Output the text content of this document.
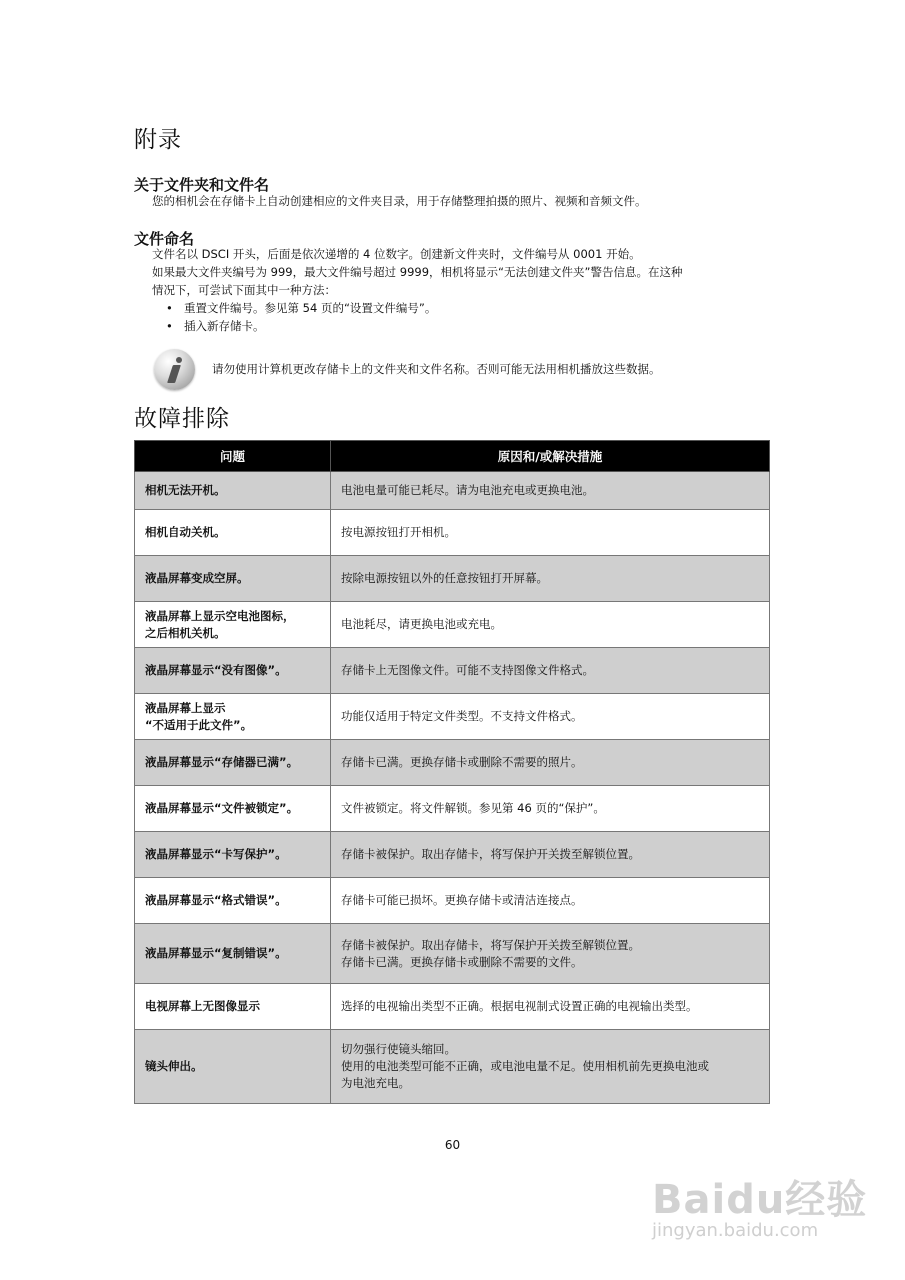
附录
关于文件夹和文件名

您的相机会在存储卡上自动创建相应的文件夹目录，用于存储整理拍摄的照片、视频和音频文件。

文件命名

文件名以 DSCI 开头，后面是依次递增的 4 位数字。创建新文件夹时，文件编号从 0001 开始。

如果最大文件夹编号为 999，最大文件编号超过 9999，相机将显示“无法创建文件夹”警告信息。在这种

情况下，可尝试下面其中一种方法：

• 重置文件编号。参见第 54 页的“设置文件编号”。
• 插入新存储卡。
请勿使用计算机更改存储卡上的文件夹和文件名称。否则可能无法用相机播放这些数据。
故障排除
问题	原因和/或解决措施

相机无法开机。	电池电量可能已耗尽。请为电池充电或更换电池。

相机自动关机。	按电源按钮打开相机。

液晶屏幕变成空屏。	按除电源按钮以外的任意按钮打开屏幕。

液晶屏幕上显示空电池图标，
之后相机关机。	电池耗尽，请更换电池或充电。

液晶屏幕显示“没有图像”。	存储卡上无图像文件。可能不支持图像文件格式。

液晶屏幕上显示
“不适用于此文件”。	功能仅适用于特定文件类型。不支持文件格式。

液晶屏幕显示“存储器已满”。	存储卡已满。更换存储卡或删除不需要的照片。

液晶屏幕显示“文件被锁定”。	文件被锁定。将文件解锁。参见第 46 页的“保护”。

液晶屏幕显示“卡写保护”。	存储卡被保护。取出存储卡，将写保护开关拨至解锁位置。

液晶屏幕显示“格式错误”。	存储卡可能已损坏。更换存储卡或清洁连接点。

液晶屏幕显示“复制错误”。	存储卡被保护。取出存储卡，将写保护开关拨至解锁位置。
存储卡已满。更换存储卡或删除不需要的文件。

电视屏幕上无图像显示	选择的电视输出类型不正确。根据电视制式设置正确的电视输出类型。

镜头伸出。	切勿强行使镜头缩回。
使用的电池类型可能不正确，或电池电量不足。使用相机前先更换电池或
为电池充电。
60
Baidu经验
jingyan.baidu.com
